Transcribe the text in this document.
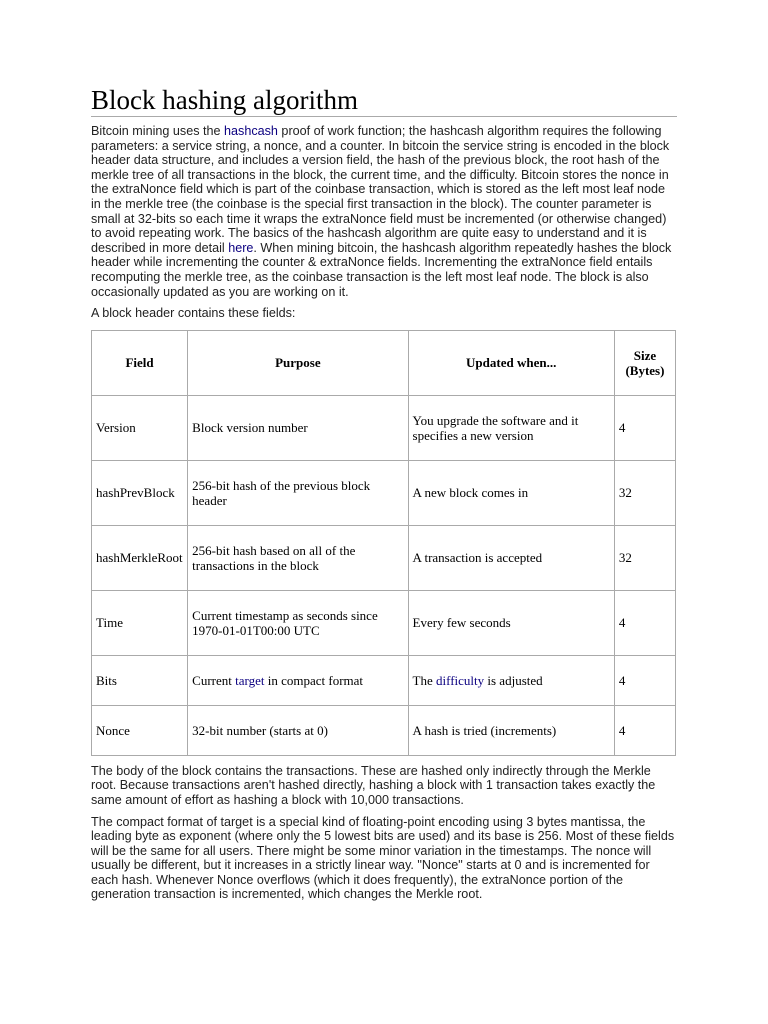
Block hashing algorithm

Bitcoin mining uses the hashcash proof of work function; the hashcash algorithm requires the following parameters: a service string, a nonce, and a counter. In bitcoin the service string is encoded in the block header data structure, and includes a version field, the hash of the previous block, the root hash of the merkle tree of all transactions in the block, the current time, and the difficulty. Bitcoin stores the nonce in the extraNonce field which is part of the coinbase transaction, which is stored as the left most leaf node in the merkle tree (the coinbase is the special first transaction in the block). The counter parameter is small at 32-bits so each time it wraps the extraNonce field must be incremented (or otherwise changed) to avoid repeating work. The basics of the hashcash algorithm are quite easy to understand and it is described in more detail here. When mining bitcoin, the hashcash algorithm repeatedly hashes the block header while incrementing the counter & extraNonce fields. Incrementing the extraNonce field entails recomputing the merkle tree, as the coinbase transaction is the left most leaf node. The block is also occasionally updated as you are working on it.

A block header contains these fields:

Field	Purpose	Updated when...	Size (Bytes)
Version	Block version number	You upgrade the software and it specifies a new version	4
hashPrevBlock	256-bit hash of the previous block header	A new block comes in	32
hashMerkleRoot	256-bit hash based on all of the transactions in the block	A transaction is accepted	32
Time	Current timestamp as seconds since 1970-01-01T00:00 UTC	Every few seconds	4
Bits	Current target in compact format	The difficulty is adjusted	4
Nonce	32-bit number (starts at 0)	A hash is tried (increments)	4

The body of the block contains the transactions. These are hashed only indirectly through the Merkle root. Because transactions aren't hashed directly, hashing a block with 1 transaction takes exactly the same amount of effort as hashing a block with 10,000 transactions.

The compact format of target is a special kind of floating-point encoding using 3 bytes mantissa, the leading byte as exponent (where only the 5 lowest bits are used) and its base is 256. Most of these fields will be the same for all users. There might be some minor variation in the timestamps. The nonce will usually be different, but it increases in a strictly linear way. "Nonce" starts at 0 and is incremented for each hash. Whenever Nonce overflows (which it does frequently), the extraNonce portion of the generation transaction is incremented, which changes the Merkle root.
